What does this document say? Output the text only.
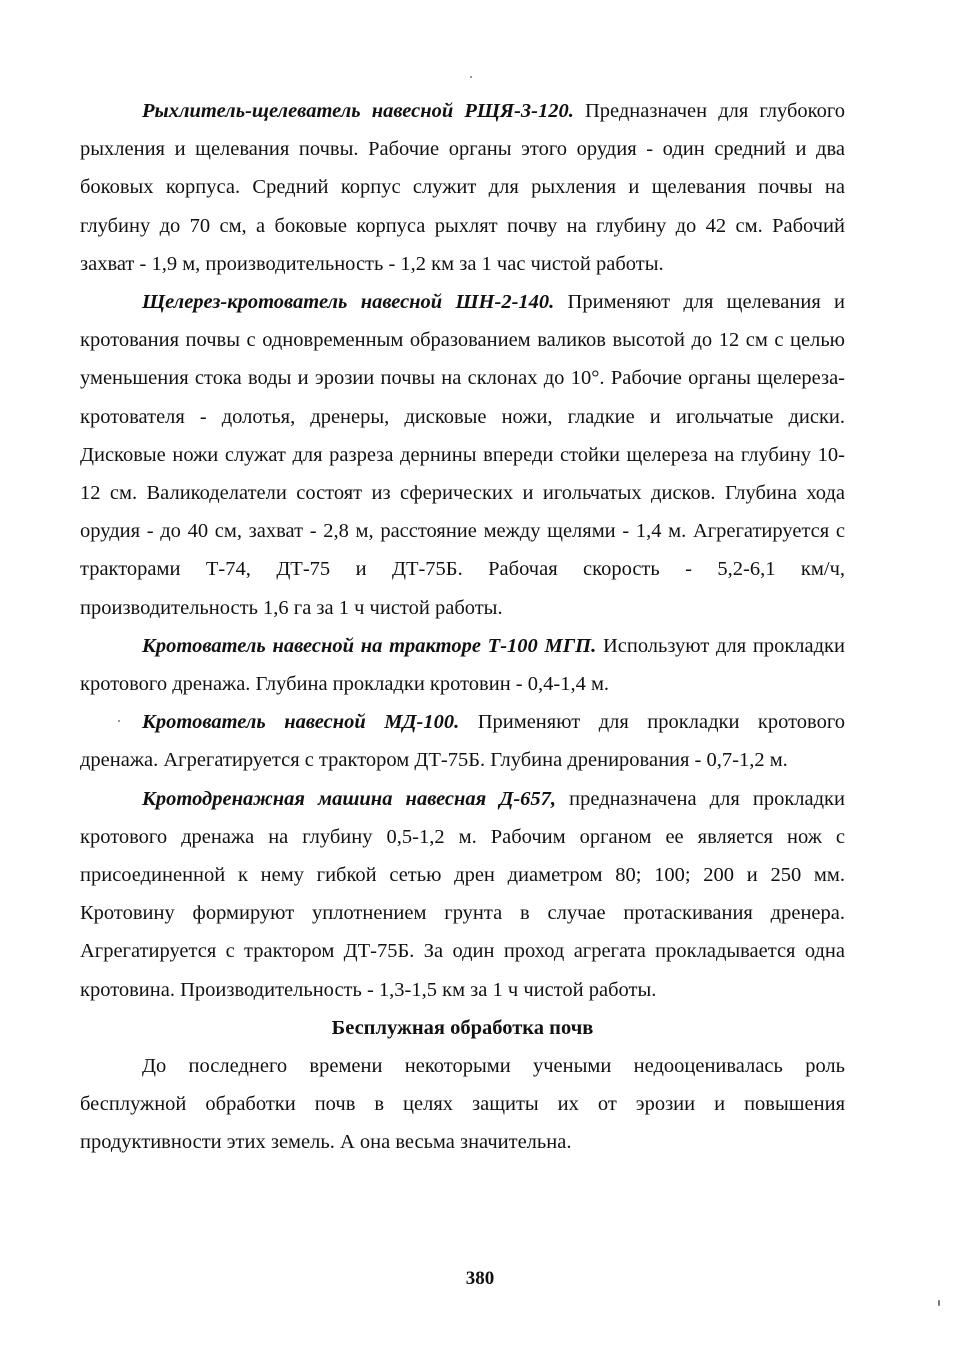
Рыхлитель-щелеватель навесной РЩЯ-3-120. Предназначен для глубокого рыхления и щелевания почвы. Рабочие органы этого орудия - один средний и два боковых корпуса. Средний корпус служит для рыхления и щелевания почвы на глубину до 70 см, а боковые корпуса рыхлят почву на глубину до 42 см. Рабочий захват - 1,9 м, производительность - 1,2 км за 1 час чистой работы.

Щелерез-кротователь навесной ШН-2-140. Применяют для щелевания и кротования почвы с одновременным образованием валиков высотой до 12 см с целью уменьшения стока воды и эрозии почвы на склонах до 10°. Рабочие органы щелереза-кротователя - долотья, дренеры, дисковые ножи, гладкие и игольчатые диски. Дисковые ножи служат для разреза дернины впереди стойки щелереза на глубину 10-12 см. Валикоделатели состоят из сферических и игольчатых дисков. Глубина хода орудия - до 40 см, захват - 2,8 м, расстояние между щелями - 1,4 м. Агрегатируется с тракторами Т-74, ДТ-75 и ДТ-75Б. Рабочая скорость - 5,2-6,1 км/ч, производительность 1,6 га за 1 ч чистой работы.

Кротователь навесной на тракторе Т-100 МГП. Используют для прокладки кротового дренажа. Глубина прокладки кротовин - 0,4-1,4 м.

Кротователь навесной МД-100. Применяют для прокладки кротового дренажа. Агрегатируется с трактором ДТ-75Б. Глубина дренирования - 0,7-1,2 м.

Кротодренажная машина навесная Д-657, предназначена для прокладки кротового дренажа на глубину 0,5-1,2 м. Рабочим органом ее является нож с присоединенной к нему гибкой сетью дрен диаметром 80; 100; 200 и 250 мм. Кротовину формируют уплотнением грунта в случае протаскивания дренера. Агрегатируется с трактором ДТ-75Б. За один проход агрегата прокладывается одна кротовина. Производительность - 1,3-1,5 км за 1 ч чистой работы.

Бесплужная обработка почв

До последнего времени некоторыми учеными недооценивалась роль бесплужной обработки почв в целях защиты их от эрозии и повышения продуктивности этих земель. А она весьма значительна.

380
